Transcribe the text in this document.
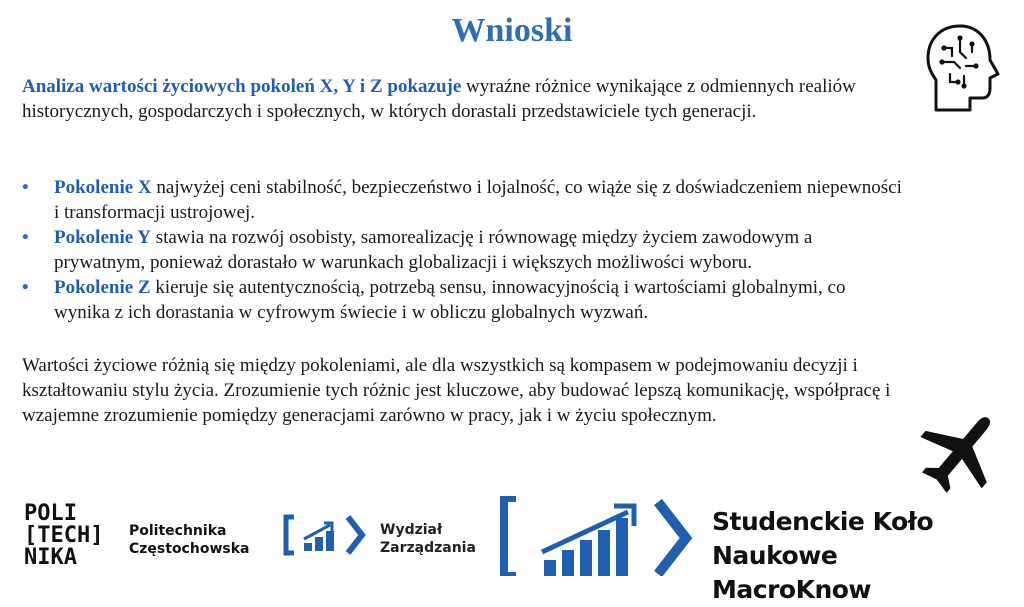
Wnioski

Analiza wartości życiowych pokoleń X, Y i Z pokazuje wyraźne różnice wynikające z odmiennych realiów historycznych, gospodarczych i społecznych, w których dorastali przedstawiciele tych generacji.

• Pokolenie X najwyżej ceni stabilność, bezpieczeństwo i lojalność, co wiąże się z doświadczeniem niepewności i transformacji ustrojowej.
• Pokolenie Y stawia na rozwój osobisty, samorealizację i równowagę między życiem zawodowym a prywatnym, ponieważ dorastało w warunkach globalizacji i większych możliwości wyboru.
• Pokolenie Z kieruje się autentycznością, potrzebą sensu, innowacyjnością i wartościami globalnymi, co wynika z ich dorastania w cyfrowym świecie i w obliczu globalnych wyzwań.

Wartości życiowe różnią się między pokoleniami, ale dla wszystkich są kompasem w podejmowaniu decyzji i kształtowaniu stylu życia. Zrozumienie tych różnic jest kluczowe, aby budować lepszą komunikację, współpracę i wzajemne zrozumienie pomiędzy generacjami zarówno w pracy, jak i w życiu społecznym.

POLI
[TECH]
NIKA
Politechnika
Częstochowska
Wydział
Zarządzania
Studenckie Koło Naukowe
MacroKnow
